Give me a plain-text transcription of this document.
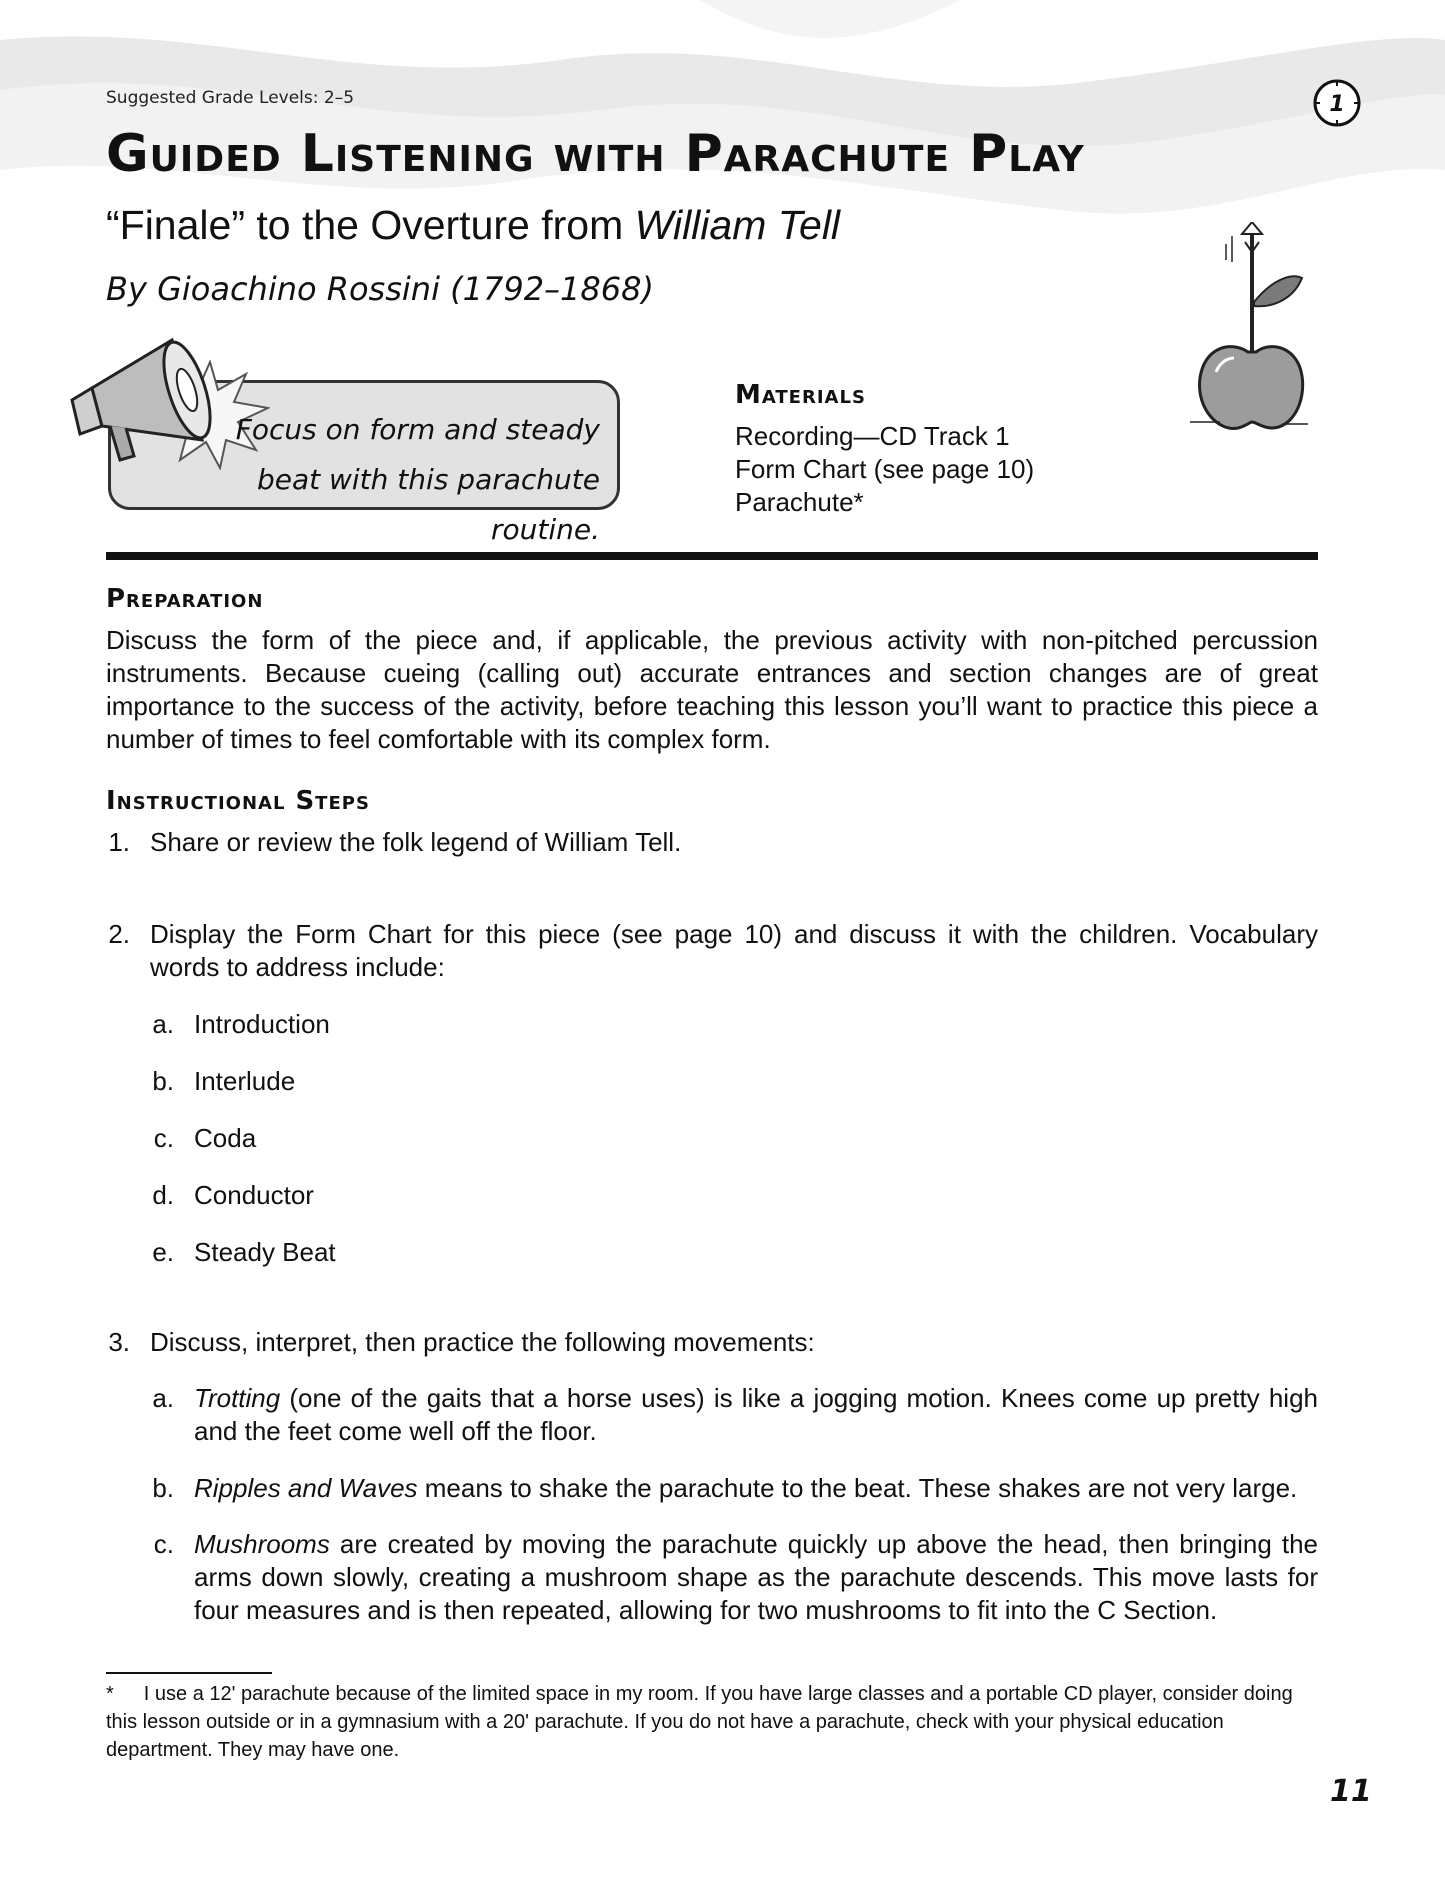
Suggested Grade Levels: 2–5	1
Guided Listening with Parachute Play
“Finale” to the Overture from William Tell
By Gioachino Rossini (1792–1868)
Focus on form and steady
beat with this parachute routine.
Materials
Recording—CD Track 1
Form Chart (see page 10)
Parachute*
Preparation
Discuss the form of the piece and, if applicable, the previous activity with non-pitched percussion instruments. Because cueing (calling out) accurate entrances and section changes are of great importance to the success of the activity, before teaching this lesson you’ll want to practice this piece a number of times to feel comfortable with its complex form.
Instructional Steps
1. Share or review the folk legend of William Tell.
2. Display the Form Chart for this piece (see page 10) and discuss it with the children. Vocabulary words to address include:
a. Introduction
b. Interlude
c. Coda
d. Conductor
e. Steady Beat
3. Discuss, interpret, then practice the following movements:
a. Trotting (one of the gaits that a horse uses) is like a jogging motion. Knees come up pretty high and the feet come well off the floor.
b. Ripples and Waves means to shake the parachute to the beat. These shakes are not very large.
c. Mushrooms are created by moving the parachute quickly up above the head, then bringing the arms down slowly, creating a mushroom shape as the parachute descends. This move lasts for four measures and is then repeated, allowing for two mushrooms to fit into the C Section.
* I use a 12' parachute because of the limited space in my room. If you have large classes and a portable CD player, consider doing this lesson outside or in a gymnasium with a 20' parachute. If you do not have a parachute, check with your physical education department. They may have one.
11
